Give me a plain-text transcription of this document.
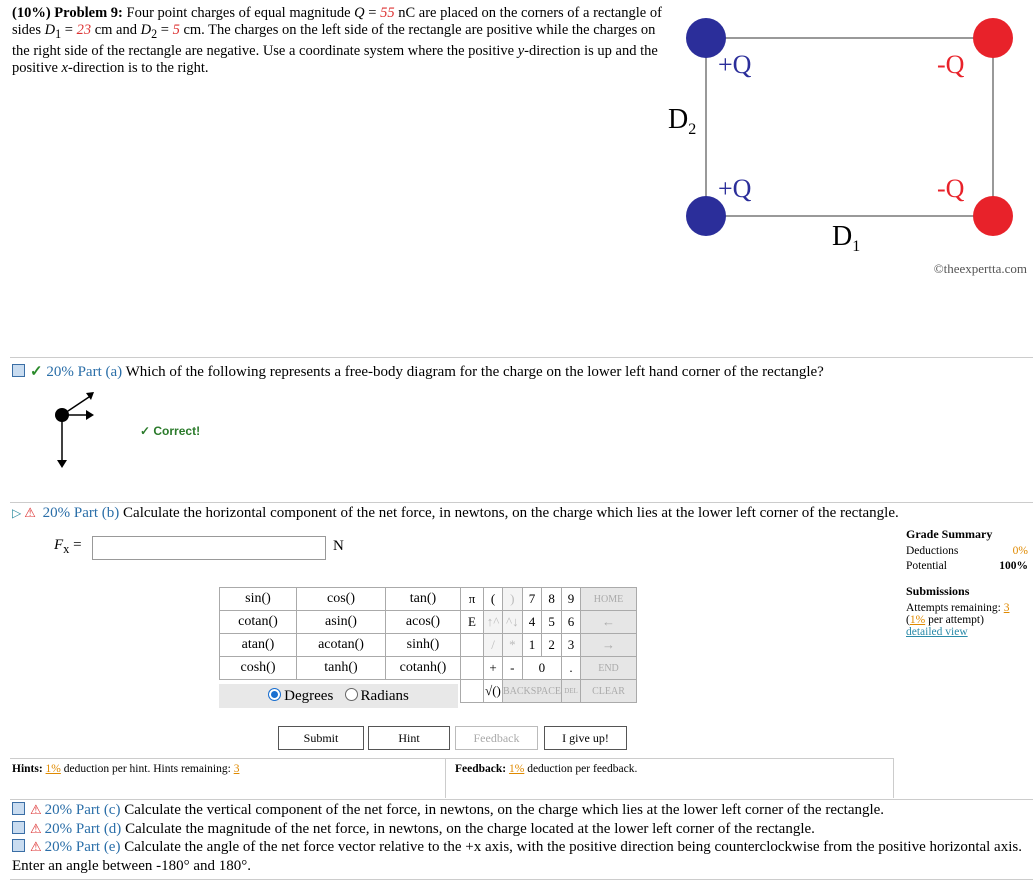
(10%) Problem 9: Four point charges of equal magnitude Q = 55 nC are placed on the corners of a rectangle of sides $D_1 = 23$ cm and $D_2 = 5$ cm. The charges on the left side of the rectangle are positive while the charges on the right side of the rectangle are negative. Use a coordinate system where the positive y-direction is up and the positive x-direction is to the right.	+Q	-Q
+Q	-Q
$D_2$
$D_1$
©theexpertta.com
✓ 20% Part (a) Which of the following represents a free-body diagram for the charge on the lower left hand corner of the rectangle?
✓ Correct!
▷ ⚠ 20% Part (b) Calculate the horizontal component of the net force, in newtons, on the charge which lies at the lower left corner of the rectangle.
$F_x$ =	N
sin()	cos()	tan()
cotan()	asin()	acos()
atan()	acotan()	sinh()
cosh()	tanh()	cotanh()
Degrees Radians
π	(	)	7	8	9	HOME
E	↑^	^↓	4	5	6	←
	/	*	1	2	3	→
	+	-	0		.	END
	√()	BACKSPACE			DEL	CLEAR
Submit	Hint	Feedback	I give up!
Hints: 1% deduction per hint. Hints remaining: 3	Feedback: 1% deduction per feedback.
Grade Summary
Deductions	0%
Potential	100%
Submissions
Attempts remaining: 3
(1% per attempt)
detailed view
⚠ 20% Part (c) Calculate the vertical component of the net force, in newtons, on the charge which lies at the lower left corner of the rectangle.
⚠ 20% Part (d) Calculate the magnitude of the net force, in newtons, on the charge located at the lower left corner of the rectangle.
⚠ 20% Part (e) Calculate the angle of the net force vector relative to the +x axis, with the positive direction being counterclockwise from the positive horizontal axis. Enter an angle between -180° and 180°.
